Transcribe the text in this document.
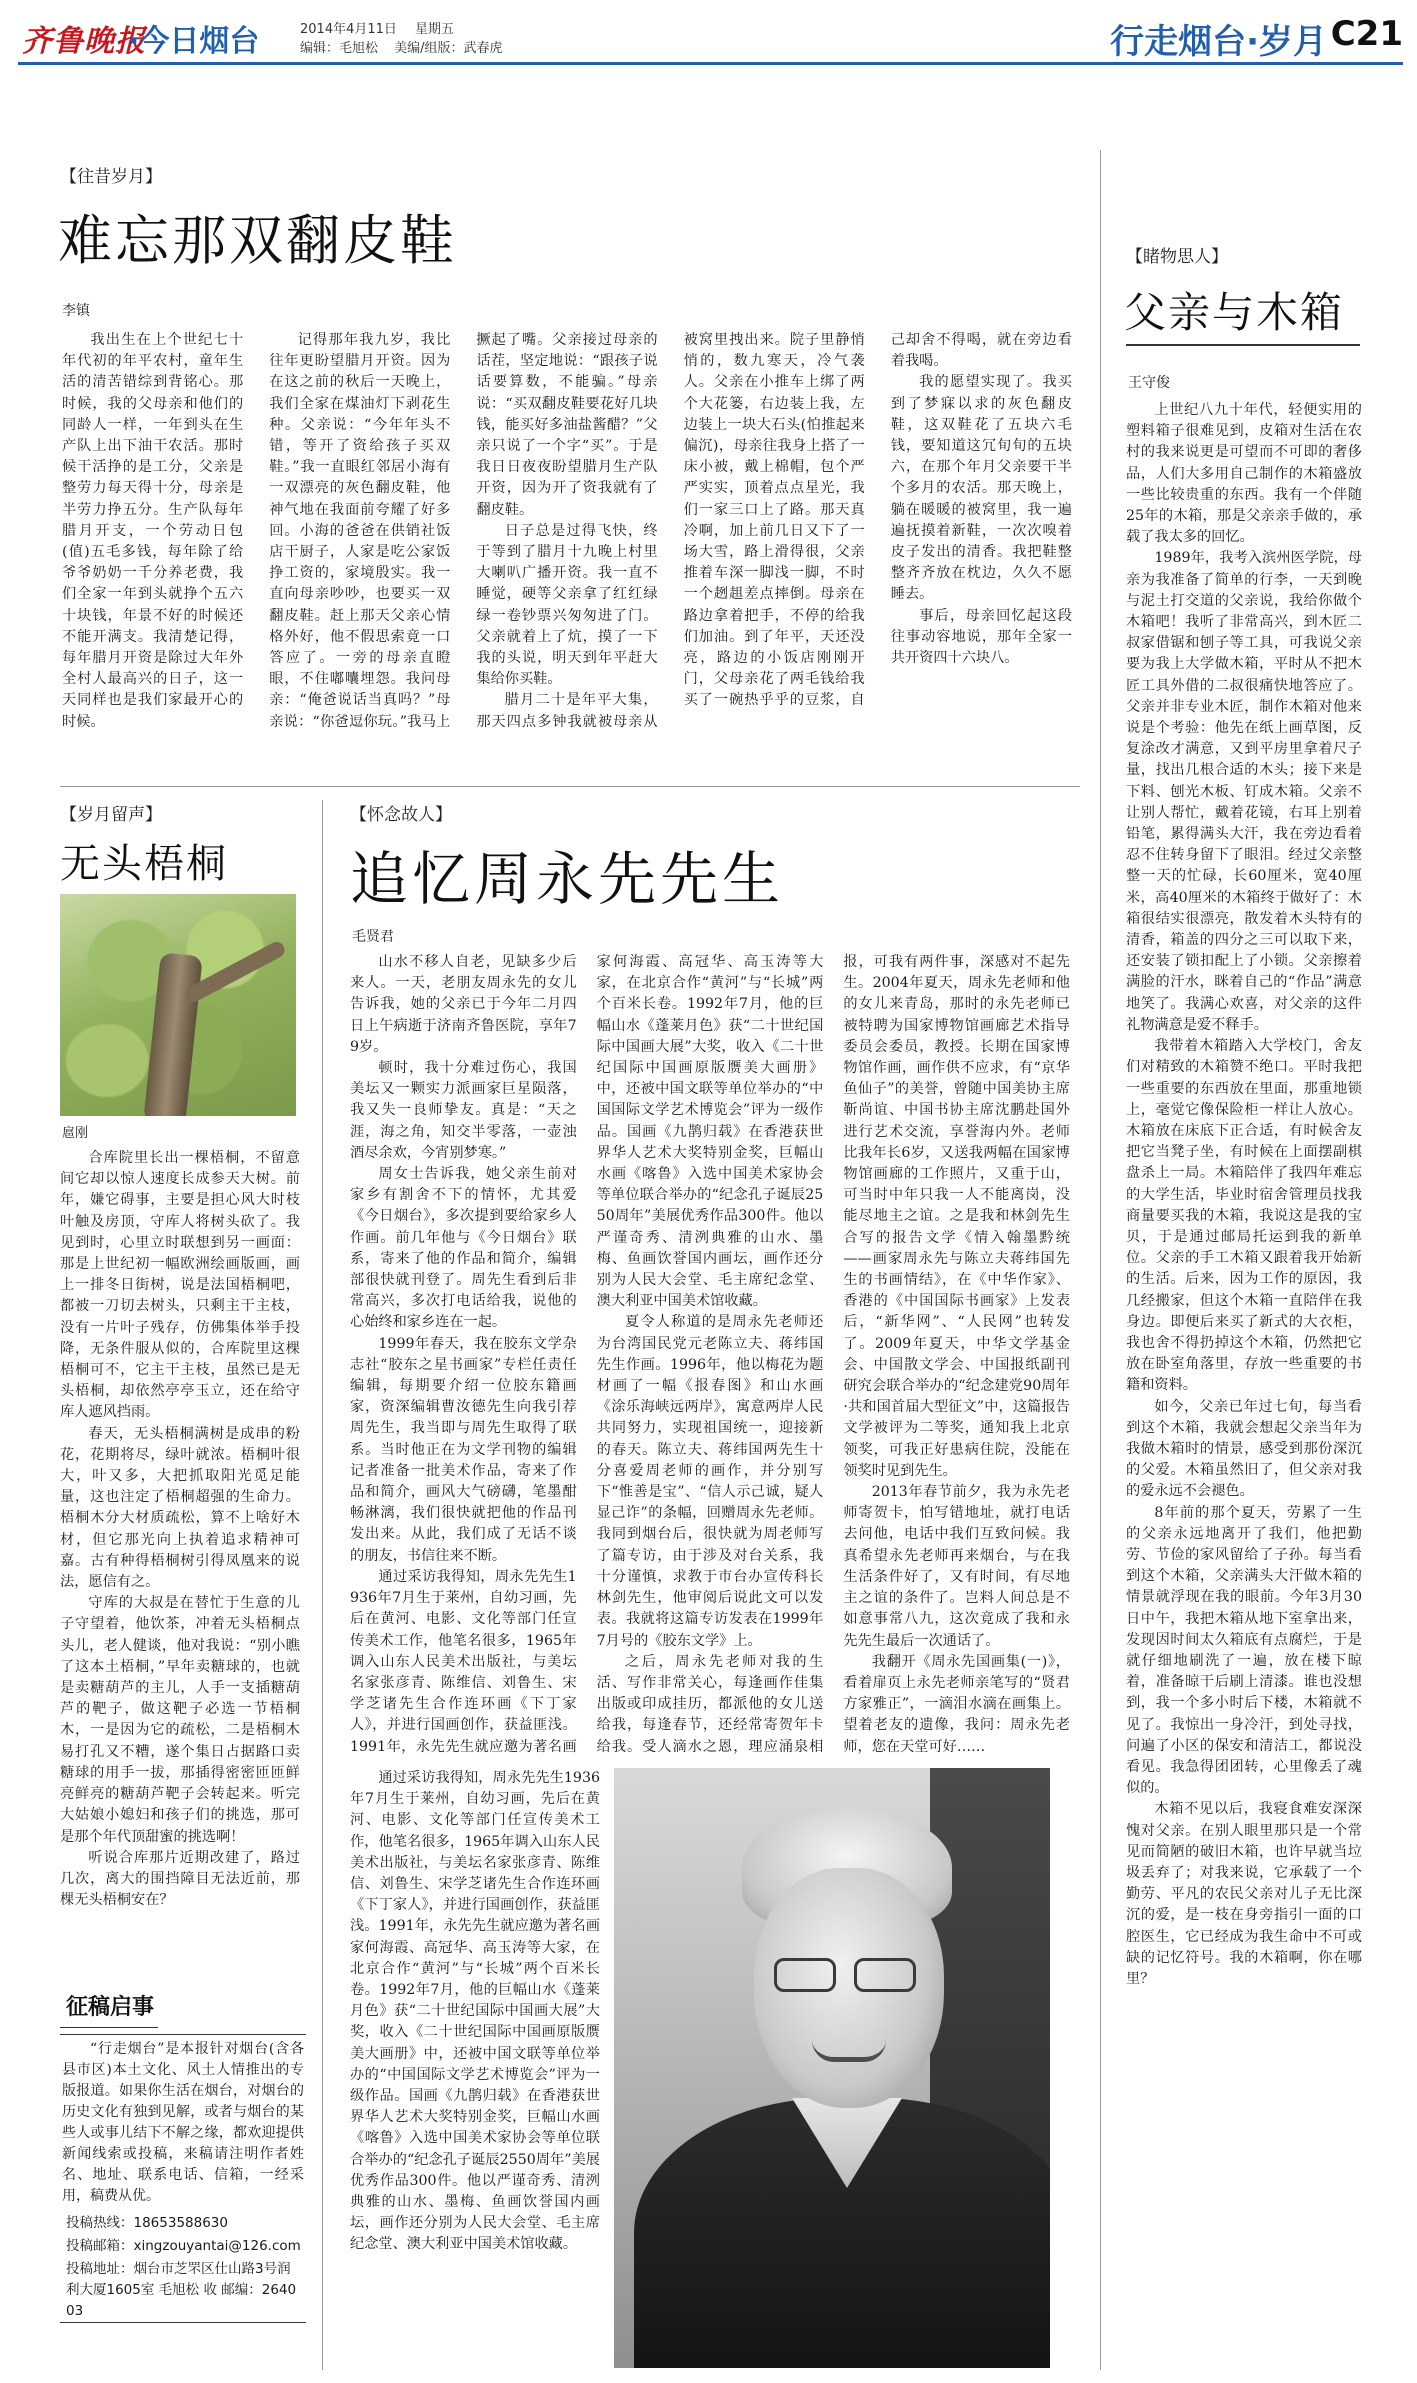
齐鲁晚报
·今日烟台	2014年4月11日 星期五
编辑：毛旭松 美编/组版：武春虎	行走烟台·岁月 C21
【往昔岁月】
难忘那双翻皮鞋
李镇

我出生在上个世纪七十年代初的年平农村，童年生活的清苦错综到背铭心。那时候，我的父母亲和他们的同龄人一样，一年到头在生产队上出下油干农活。那时候干活挣的是工分，父亲是整劳力每天得十分，母亲是半劳力挣五分。生产队每年腊月开支，一个劳动日包(值)五毛多钱，每年除了给爷爷奶奶一千分养老费，我们全家一年到头就挣个五六十块钱，年景不好的时候还不能开满支。我清楚记得，每年腊月开资是除过大年外全村人最高兴的日子，这一天同样也是我们家最开心的时候。

记得那年我九岁，我比往年更盼望腊月开资。因为在这之前的秋后一天晚上，我们全家在煤油灯下剥花生种。父亲说：“今年年头不错，等开了资给孩子买双鞋。”我一直眼红邻居小海有一双漂亮的灰色翻皮鞋，他神气地在我面前夸耀了好多回。小海的爸爸在供销社饭店干厨子，人家是吃公家饭挣工资的，家境殷实。我一直向母亲吵吵，也要买一双翻皮鞋。赶上那天父亲心情格外好，他不假思索竟一口答应了。一旁的母亲直瞪眼，不住嘟囔埋怨。我问母亲：“俺爸说话当真吗？”母亲说：“你爸逗你玩。”我马上撅起了嘴。父亲接过母亲的话茬，坚定地说：“跟孩子说话要算数，不能骗。”母亲说：“买双翻皮鞋要花好几块钱，能买好多油盐酱醋？”父亲只说了一个字“买”。于是我日日夜夜盼望腊月生产队开资，因为开了资我就有了翻皮鞋。

日子总是过得飞快，终于等到了腊月十九晚上村里大喇叭广播开资。我一直不睡觉，硬等父亲拿了红红绿绿一卷钞票兴匆匆进了门。父亲就着上了炕，摸了一下我的头说，明天到年平赶大集给你买鞋。

腊月二十是年平大集，那天四点多钟我就被母亲从被窝里拽出来。院子里静悄悄的，数九寒天，冷气袭人。父亲在小推车上绑了两个大花篓，右边装上我，左边装上一块大石头(怕推起来偏沉)，母亲往我身上搭了一床小被，戴上棉帽，包个严严实实，顶着点点星光，我们一家三口上了路。那天真冷啊，加上前几日又下了一场大雪，路上滑得很，父亲推着车深一脚浅一脚，不时一个趔趄差点摔倒。母亲在路边拿着把手，不停的给我们加油。到了年平，天还没亮，路边的小饭店刚刚开门，父母亲花了两毛钱给我买了一碗热乎乎的豆浆，自己却舍不得喝，就在旁边看着我喝。

我的愿望实现了。我买到了梦寐以求的灰色翻皮鞋，这双鞋花了五块六毛钱，要知道这冗旬旬的五块六，在那个年月父亲要干半个多月的农活。那天晚上，躺在暖暖的被窝里，我一遍遍抚摸着新鞋，一次次嗅着皮子发出的清香。我把鞋整整齐齐放在枕边，久久不愿睡去。

事后，母亲回忆起这段往事动容地说，那年全家一共开资四十六块八。

【睹物思人】
父亲与木箱
王守俊

上世纪八九十年代，轻便实用的塑料箱子很难见到，皮箱对生活在农村的我来说更是可望而不可即的奢侈品，人们大多用自己制作的木箱盛放一些比较贵重的东西。我有一个伴随25年的木箱，那是父亲亲手做的，承载了我太多的回忆。

1989年，我考入滨州医学院，母亲为我准备了简单的行李，一天到晚与泥土打交道的父亲说，我给你做个木箱吧！我听了非常高兴，到木匠二叔家借锯和刨子等工具，可我说父亲要为我上大学做木箱，平时从不把木匠工具外借的二叔很痛快地答应了。父亲并非专业木匠，制作木箱对他来说是个考验：他先在纸上画草图，反复涂改才满意，又到平房里拿着尺子量，找出几根合适的木头；接下来是下料、刨光木板、钉成木箱。父亲不让别人帮忙，戴着花镜，右耳上别着铅笔，累得满头大汗，我在旁边看着忍不住转身留下了眼泪。经过父亲整整一天的忙碌，长60厘米，宽40厘米，高40厘米的木箱终于做好了：木箱很结实很漂亮，散发着木头特有的清香，箱盖的四分之三可以取下来，还安装了锁扣配上了小锁。父亲擦着满脸的汗水，眯着自己的“作品”满意地笑了。我满心欢喜，对父亲的这件礼物满意是爱不释手。

我带着木箱踏入大学校门，舍友们对精致的木箱赞不绝口。平时我把一些重要的东西放在里面，那重地锁上，毫觉它像保险柜一样让人放心。木箱放在床底下正合适，有时候舍友把它当凳子坐，有时候在上面摆副棋盘杀上一局。木箱陪伴了我四年难忘的大学生活，毕业时宿舍管理员找我商量要买我的木箱，我说这是我的宝贝，于是通过邮局托运到我的新单位。父亲的手工木箱又跟着我开始新的生活。后来，因为工作的原因，我几经搬家，但这个木箱一直陪伴在我身边。即便后来买了新式的大衣柜，我也舍不得扔掉这个木箱，仍然把它放在卧室角落里，存放一些重要的书籍和资料。

如今，父亲已年过七旬，每当看到这个木箱，我就会想起父亲当年为我做木箱时的情景，感受到那份深沉的父爱。木箱虽然旧了，但父亲对我的爱永远不会褪色。

8年前的那个夏天，劳累了一生的父亲永远地离开了我们，他把勤劳、节俭的家风留给了子孙。每当看到这个木箱，父亲满头大汗做木箱的情景就浮现在我的眼前。今年3月30日中午，我把木箱从地下室拿出来，发现因时间太久箱底有点腐烂，于是就仔细地刷洗了一遍，放在楼下晾着，准备晾干后刷上清漆。谁也没想到，我一个多小时后下楼，木箱就不见了。我惊出一身冷汗，到处寻找，问遍了小区的保安和清洁工，都说没看见。我急得团团转，心里像丢了魂似的。

木箱不见以后，我寝食难安深深愧对父亲。在别人眼里那只是一个常见而简陋的破旧木箱，也许早就当垃圾丢弃了；对我来说，它承载了一个勤劳、平凡的农民父亲对儿子无比深沉的爱，是一枝在身旁指引一面的口腔医生，它已经成为我生命中不可或缺的记忆符号。我的木箱啊，你在哪里？

【岁月留声】
无头梧桐
扈刚

合库院里长出一棵梧桐，不留意间它却以惊人速度长成参天大树。前年，嫌它碍事，主要是担心风大时枝叶触及房顶，守库人将树头砍了。我见到时，心里立时联想到另一画面：那是上世纪初一幅欧洲绘画版画，画上一排冬日街树，说是法国梧桐吧，都被一刀切去树头，只剩主干主枝，没有一片叶子残存，仿佛集体举手投降，无条件服从似的，合库院里这棵梧桐可不，它主干主枝，虽然已是无头梧桐，却依然亭亭玉立，还在给守库人遮风挡雨。

春天，无头梧桐满树是成串的粉花，花期将尽，绿叶就浓。梧桐叶很大，叶又多，大把抓取阳光觅足能量，这也注定了梧桐超强的生命力。梧桐木分大材质疏松，算不上啥好木材，但它那光向上执着追求精神可嘉。古有种得梧桐树引得凤凰来的说法，愿信有之。

守库的大叔是在替忙于生意的儿子守望着，他饮茶，冲着无头梧桐点头儿，老人健谈，他对我说：“别小瞧了这本土梧桐，”早年卖糖球的，也就是卖糖葫芦的主儿，人手一支插糖葫芦的靶子，做这靶子必选一节梧桐木，一是因为它的疏松，二是梧桐木易打孔又不糟，遂个集日占据路口卖糖球的用手一拔，那插得密密匝匝鲜亮鲜亮的糖葫芦靶子会转起来。听完大姑娘小媳妇和孩子们的挑选，那可是那个年代顶甜蜜的挑选啊！

听说合库那片近期改建了，路过几次，离大的围挡障目无法近前，那棵无头梧桐安在？

征稿启事

“行走烟台”是本报针对烟台(含各县市区)本土文化、风土人情推出的专版报道。如果你生活在烟台，对烟台的历史文化有独到见解，或者与烟台的某些人或事儿结下不解之缘，都欢迎提供新闻线索或投稿，来稿请注明作者姓名、地址、联系电话、信箱，一经采用，稿费从优。

投稿热线：18653588630
投稿邮箱：xingzouyantai@126.com
投稿地址：烟台市芝罘区仕山路3号润利大厦1605室 毛旭松 收 邮编：264003
【怀念故人】
追忆周永先先生
毛贤君

山水不移人自老，见缺多少后来人。一天，老朋友周永先的女儿告诉我，她的父亲已于今年二月四日上午病逝于济南齐鲁医院，享年79岁。

顿时，我十分难过伤心，我国美坛又一颗实力派画家巨星陨落，我又失一良师挚友。真是：“天之涯，海之角，知交半零落，一壶浊酒尽余欢，今宵别梦寒。”

周女士告诉我，她父亲生前对家乡有割舍不下的情怀，尤其爱《今日烟台》，多次提到要给家乡人作画。前几年他与《今日烟台》联系，寄来了他的作品和简介，编辑部很快就刊登了。周先生看到后非常高兴，多次打电话给我，说他的心始终和家乡连在一起。

1999年春天，我在胶东文学杂志社“胶东之星书画家”专栏任责任编辑，每期要介绍一位胶东籍画家，资深编辑曹汝德先生向我引荐周先生，我当即与周先生取得了联系。当时他正在为文学刊物的编辑记者准备一批美术作品，寄来了作品和简介，画风大气磅礴，笔墨酣畅淋漓，我们很快就把他的作品刊发出来。从此，我们成了无话不谈的朋友，书信往来不断。

通过采访我得知，周永先先生1936年7月生于莱州，自幼习画，先后在黄河、电影、文化等部门任宣传美术工作，他笔名很多，1965年调入山东人民美术出版社，与美坛名家张彦青、陈维信、刘鲁生、宋学芝诸先生合作连环画《下丁家人》，并进行国画创作，获益匪浅。1991年，永先先生就应邀为著名画家何海霞、高冠华、高玉涛等大家，在北京合作“黄河”与“长城”两个百米长卷。1992年7月，他的巨幅山水《蓬莱月色》获“二十世纪国际中国画大展”大奖，收入《二十世纪国际中国画原版赝美大画册》中，还被中国文联等单位举办的“中国国际文学艺术博览会”评为一级作品。国画《九鹊归载》在香港获世界华人艺术大奖特别金奖，巨幅山水画《喀鲁》入选中国美术家协会等单位联合举办的“纪念孔子诞辰2550周年”美展优秀作品300件。他以严谨奇秀、清洌典雅的山水、墨梅、鱼画饮誉国内画坛，画作还分别为人民大会堂、毛主席纪念堂、澳大利亚中国美术馆收藏。

夏令人称道的是周永先老师还为台湾国民党元老陈立夫、蒋纬国先生作画。1996年，他以梅花为题材画了一幅《报春图》和山水画《涂乐海峡远两岸》，寓意两岸人民共同努力，实现祖国统一，迎接新的春天。陈立夫、蒋纬国两先生十分喜爱周老师的画作，并分别写下“惟善是宝”、“信人示己诚，疑人显己诈”的条幅，回赠周永先老师。我同到烟台后，很快就为周老师写了篇专访，由于涉及对台关系，我十分谨慎，求教于市台办宣传科长林剑先生，他审阅后说此文可以发表。我就将这篇专访发表在1999年7月号的《胶东文学》上。

之后，周永先老师对我的生活、写作非常关心，每逢画作佳集出版或印成挂历，都派他的女儿送给我，每逢春节，还经常寄贺年卡给我。受人滴水之恩，理应涌泉相报，可我有两件事，深感对不起先生。2004年夏天，周永先老师和他的女儿来青岛，那时的永先老师已被特聘为国家博物馆画廊艺术指导委员会委员，教授。长期在国家博物馆作画，画作供不应求，有“京华鱼仙子”的美誉，曾随中国美协主席靳尚谊、中国书协主席沈鹏赴国外进行艺术交流，享誉海内外。老师比我年长6岁，又送我两幅在国家博物馆画廊的工作照片，又重于山，可当时中年只我一人不能离岗，没能尽地主之谊。之是我和林剑先生合写的报告文学《情入翰墨黔统——画家周永先与陈立夫蒋纬国先生的书画情结》，在《中华作家》、香港的《中国国际书画家》上发表后，“新华网”、“人民网”也转发了。2009年夏天，中华文学基金会、中国散文学会、中国报纸副刊研究会联合举办的“纪念建党90周年·共和国首届大型征文”中，这篇报告文学被评为二等奖，通知我上北京领奖，可我正好患病住院，没能在领奖时见到先生。

2013年春节前夕，我为永先老师寄贺卡，怕写错地址，就打电话去问他，电话中我们互致问候。我真希望永先老师再来烟台，与在我生活条件好了，又有时间，有尽地主之谊的条件了。岂料人间总是不如意事常八九，这次竟成了我和永先先生最后一次通话了。

我翻开《周永先国画集(一)》，看着扉页上永先老师亲笔写的“贤君方家雅正”，一滴泪水滴在画集上。望着老友的遗像，我问：周永先老师，您在天堂可好……

通过采访我得知，周永先先生1936年7月生于莱州，自幼习画，先后在黄河、电影、文化等部门任宣传美术工作，他笔名很多，1965年调入山东人民美术出版社，与美坛名家张彦青、陈维信、刘鲁生、宋学芝诸先生合作连环画《下丁家人》，并进行国画创作，获益匪浅。1991年，永先先生就应邀为著名画家何海霞、高冠华、高玉涛等大家，在北京合作“黄河”与“长城”两个百米长卷。1992年7月，他的巨幅山水《蓬莱月色》获“二十世纪国际中国画大展”大奖，收入《二十世纪国际中国画原版赝美大画册》中，还被中国文联等单位举办的“中国国际文学艺术博览会”评为一级作品。国画《九鹊归载》在香港获世界华人艺术大奖特别金奖，巨幅山水画《喀鲁》入选中国美术家协会等单位联合举办的“纪念孔子诞辰2550周年”美展优秀作品300件。他以严谨奇秀、清洌典雅的山水、墨梅、鱼画饮誉国内画坛，画作还分别为人民大会堂、毛主席纪念堂、澳大利亚中国美术馆收藏。
